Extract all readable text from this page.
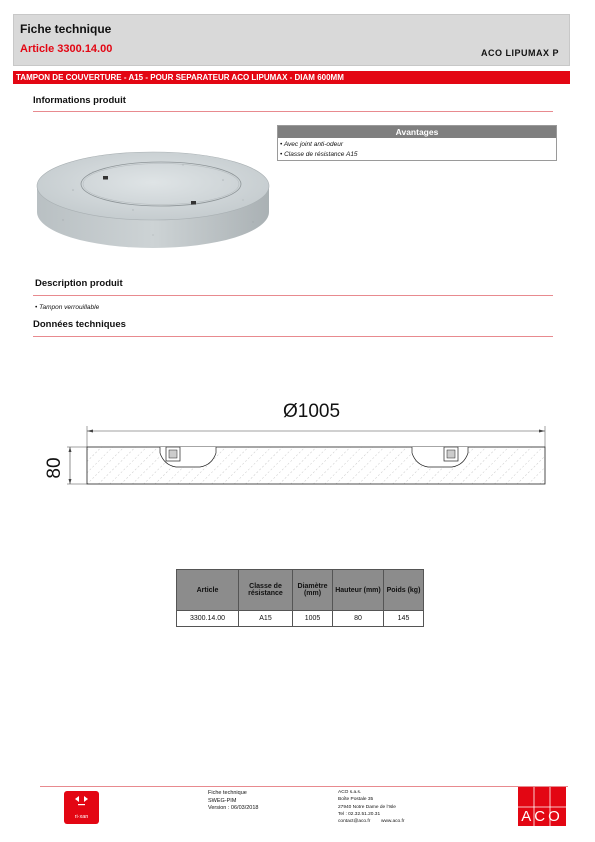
Fiche technique
Article 3300.14.00	ACO LIPUMAX P
TAMPON DE COUVERTURE - A15 - POUR SEPARATEUR ACO LIPUMAX - DIAM 600MM
Informations produit
Avantages
• Avec joint anti-odeur
• Classe de résistance A15
Description produit
• Tampon verrouillable
Données techniques
Ø1005
80
Article	Classe de résistance	Diamètre (mm)	Hauteur (mm)	Poids (kg)
3300.14.00	A15	1005	80	145
ri·xan
Fiche technique
SWEG-PIM
Version : 06/03/2018
ACO s.a.s.
Boîte Postale 35
27940 Notre Dame de l'Isle
Tel : 02.32.51.20.31
contact@aco.fr        www.aco.fr	ACO
